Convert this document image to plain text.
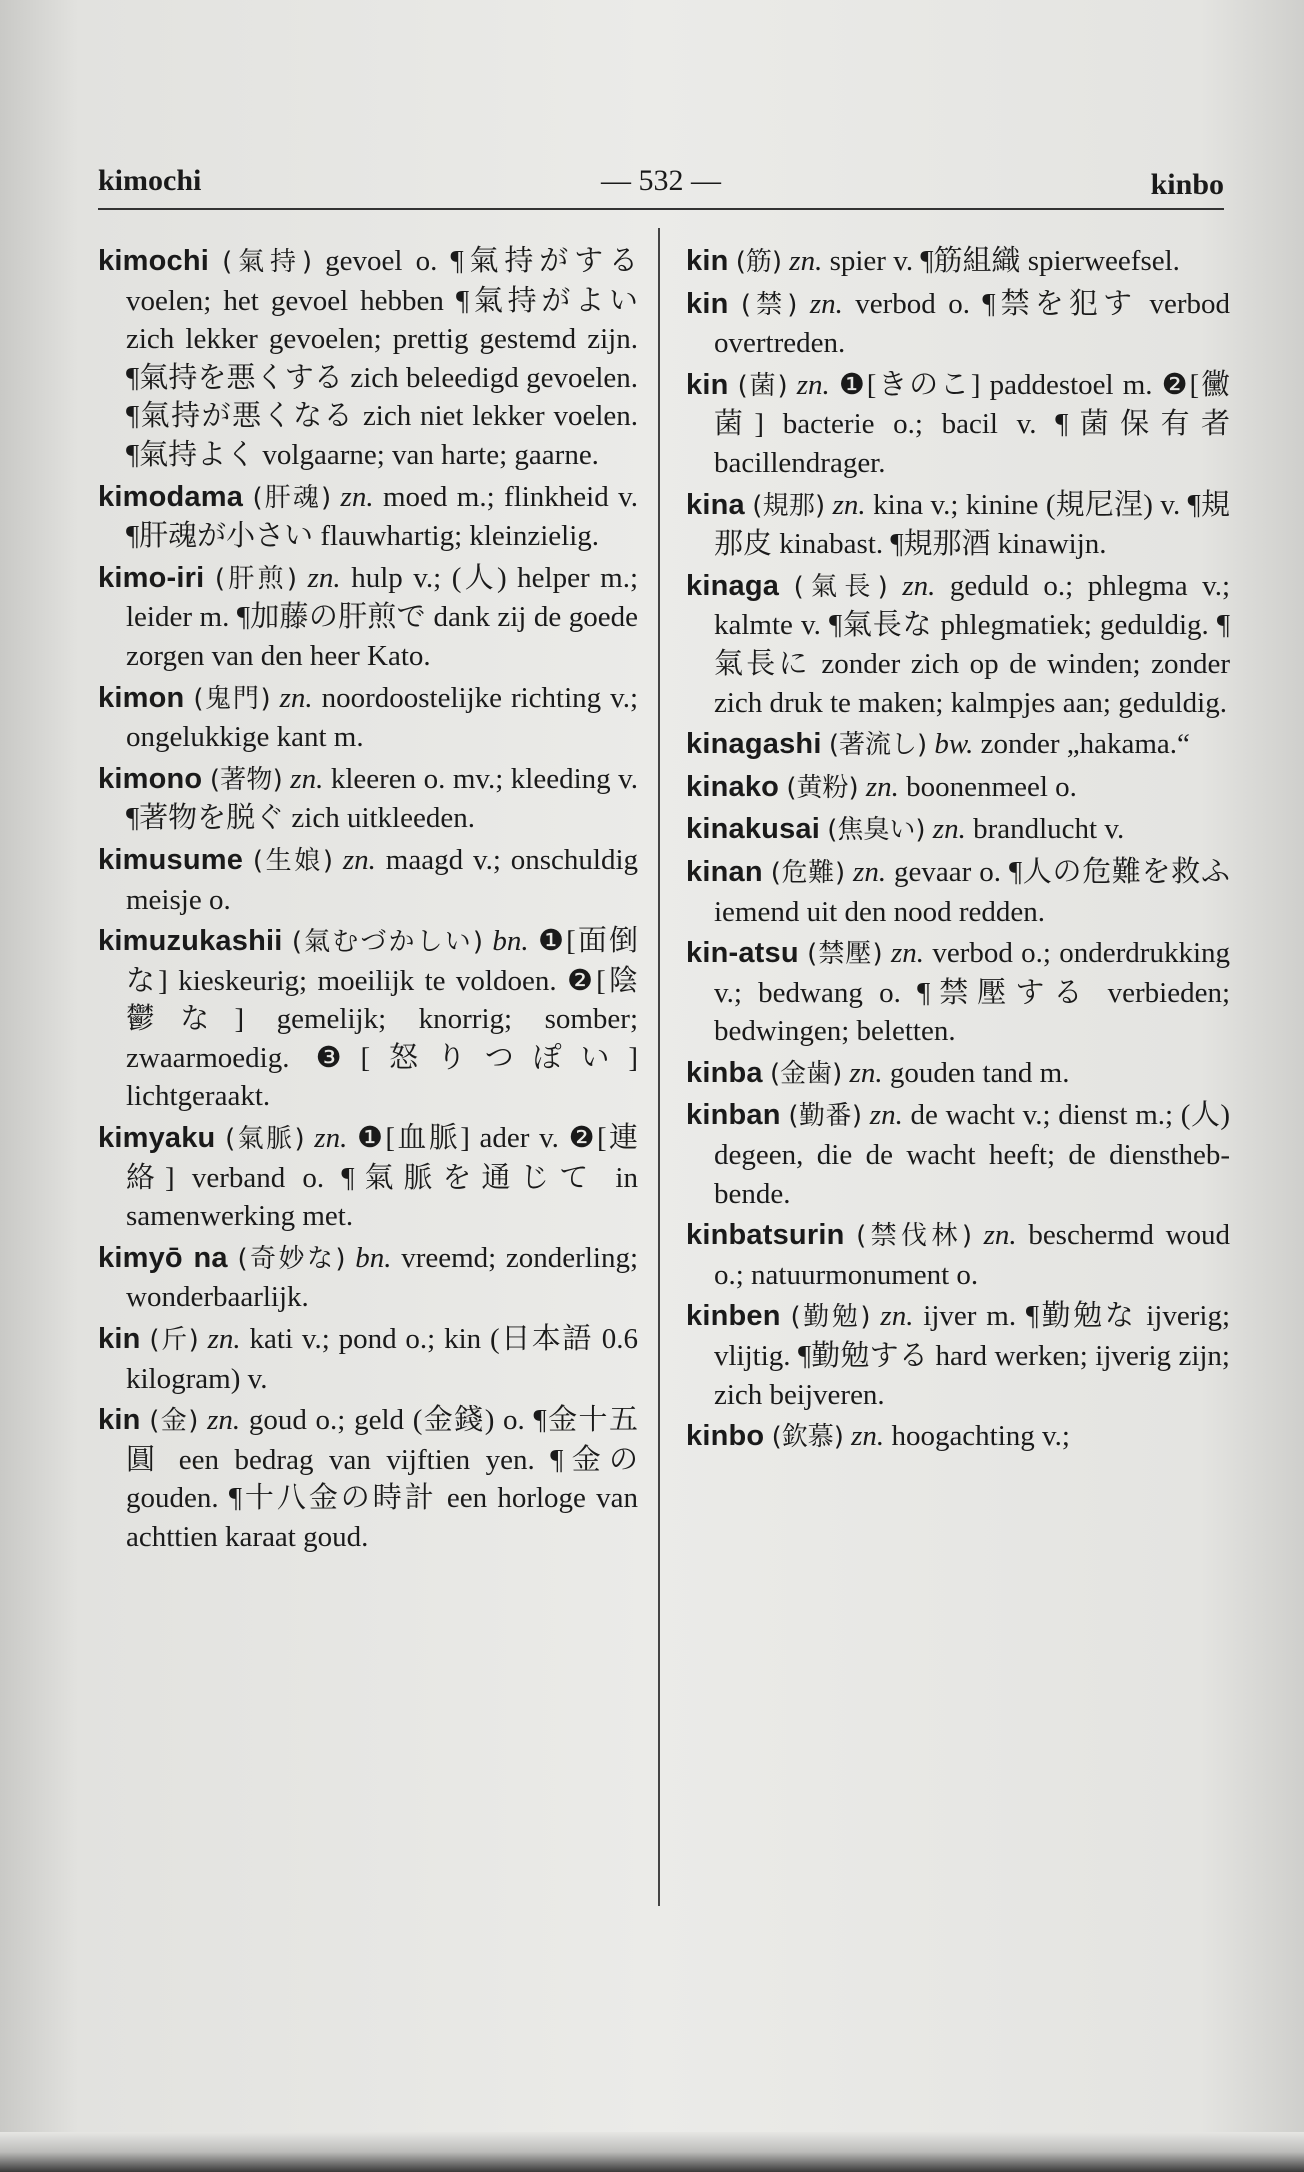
kimochi	— 532 —	kinbo

kimochi (氣持) gevoel o. ¶氣持がする voelen; het gevoel hebben ¶氣持がよい zich lekker gevoelen; prettig gestemd zijn. ¶氣持を悪くする zich beleedigd gevoelen. ¶氣持が悪くなる zich niet lekker voelen. ¶氣持よく volgaarne; van harte; gaarne.

kimodama (肝魂) zn. moed m.; flinkheid v. ¶肝魂が小さい flauwhartig; kleinzielig.

kimo-iri (肝煎) zn. hulp v.; (人) helper m.; leider m. ¶加藤の肝煎で dank zij de goede zorgen van den heer Kato.

kimon (鬼門) zn. noordoostelijke richting v.; ongelukkige kant m.

kimono (著物) zn. kleeren o. mv.; kleeding v. ¶著物を脱ぐ zich uitkleeden.

kimusume (生娘) zn. maagd v.; onschuldig meisje o.

kimuzukashii (氣むづかしい) bn. ❶[面倒な] kieskeurig; moeilijk te voldoen. ❷[陰鬱な] gemelijk; knorrig; somber; zwaarmoedig. ❸[怒りつぽい] lichtgeraakt.

kimyaku (氣脈) zn. ❶[血脈] ader v. ❷[連絡] verband o. ¶氣脈を通じて in samenwerking met.

kimyō na (奇妙な) bn. vreemd; zonderling; wonderbaarlijk.

kin (斤) zn. kati v.; pond o.; kin (日本語 0.6 kilogram) v.

kin (金) zn. goud o.; geld (金錢) o. ¶金十五圓 een bedrag van vijftien yen. ¶金の gouden. ¶十八金の時計 een horloge van achttien karaat goud.

kin (筋) zn. spier v. ¶筋組織 spierweefsel.

kin (禁) zn. verbod o. ¶禁を犯す verbod overtreden.

kin (菌) zn. ❶[きのこ] paddestoel m. ❷[黴菌] bacterie o.; bacil v. ¶菌保有者 bacillendrager.

kina (規那) zn. kina v.; kinine (規尼涅) v. ¶規那皮 kinabast. ¶規那酒 kinawijn.

kinaga (氣長) zn. geduld o.; phlegma v.; kalmte v. ¶氣長な phlegmatiek; geduldig. ¶氣長に zonder zich op de winden; zonder zich druk te maken; kalmpjes aan; geduldig.

kinagashi (著流し) bw. zonder „hakama.“

kinako (黄粉) zn. boonenmeel o.

kinakusai (焦臭い) zn. brandlucht v.

kinan (危難) zn. gevaar o. ¶人の危難を救ふ iemend uit den nood redden.

kin-atsu (禁壓) zn. verbod o.; onderdrukking v.; bedwang o. ¶禁壓する verbieden; bedwingen; beletten.

kinba (金歯) zn. gouden tand m.

kinban (勤番) zn. de wacht v.; dienst m.; (人) degeen, die de wacht heeft; de dienstheb-bende.

kinbatsurin (禁伐林) zn. beschermd woud o.; natuurmonument o.

kinben (勤勉) zn. ijver m. ¶勤勉な ijverig; vlijtig. ¶勤勉する hard werken; ijverig zijn; zich beijveren.

kinbo (欽慕) zn. hoogachting v.;
